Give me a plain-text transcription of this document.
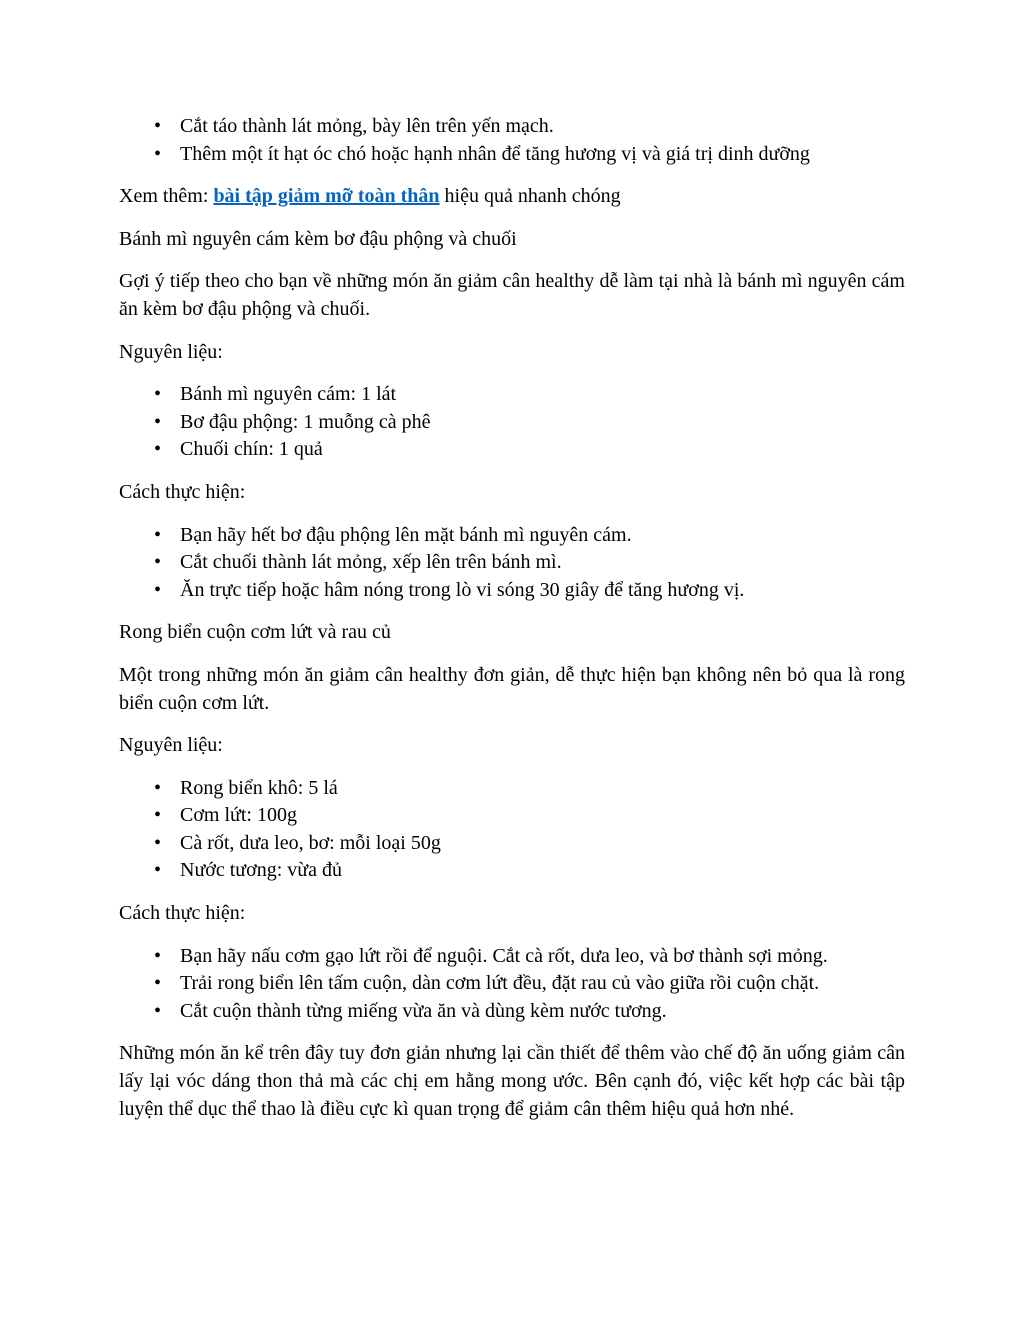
• Cắt táo thành lát mỏng, bày lên trên yến mạch.
• Thêm một ít hạt óc chó hoặc hạnh nhân để tăng hương vị và giá trị dinh dưỡng

Xem thêm: bài tập giảm mỡ toàn thân hiệu quả nhanh chóng

Bánh mì nguyên cám kèm bơ đậu phộng và chuối

Gợi ý tiếp theo cho bạn về những món ăn giảm cân healthy dễ làm tại nhà là bánh mì nguyên cám ăn kèm bơ đậu phộng và chuối.

Nguyên liệu:

• Bánh mì nguyên cám: 1 lát
• Bơ đậu phộng: 1 muỗng cà phê
• Chuối chín: 1 quả

Cách thực hiện:

• Bạn hãy hết bơ đậu phộng lên mặt bánh mì nguyên cám.
• Cắt chuối thành lát mỏng, xếp lên trên bánh mì.
• Ăn trực tiếp hoặc hâm nóng trong lò vi sóng 30 giây để tăng hương vị.

Rong biển cuộn cơm lứt và rau củ

Một trong những món ăn giảm cân healthy đơn giản, dễ thực hiện bạn không nên bỏ qua là rong biển cuộn cơm lứt.

Nguyên liệu:

• Rong biển khô: 5 lá
• Cơm lứt: 100g
• Cà rốt, dưa leo, bơ: mỗi loại 50g
• Nước tương: vừa đủ

Cách thực hiện:

• Bạn hãy nấu cơm gạo lứt rồi để nguội. Cắt cà rốt, dưa leo, và bơ thành sợi mỏng.
• Trải rong biển lên tấm cuộn, dàn cơm lứt đều, đặt rau củ vào giữa rồi cuộn chặt.
• Cắt cuộn thành từng miếng vừa ăn và dùng kèm nước tương.

Những món ăn kể trên đây tuy đơn giản nhưng lại cần thiết để thêm vào chế độ ăn uống giảm cân lấy lại vóc dáng thon thả mà các chị em hằng mong ước. Bên cạnh đó, việc kết hợp các bài tập luyện thể dục thể thao là điều cực kì quan trọng để giảm cân thêm hiệu quả hơn nhé.
